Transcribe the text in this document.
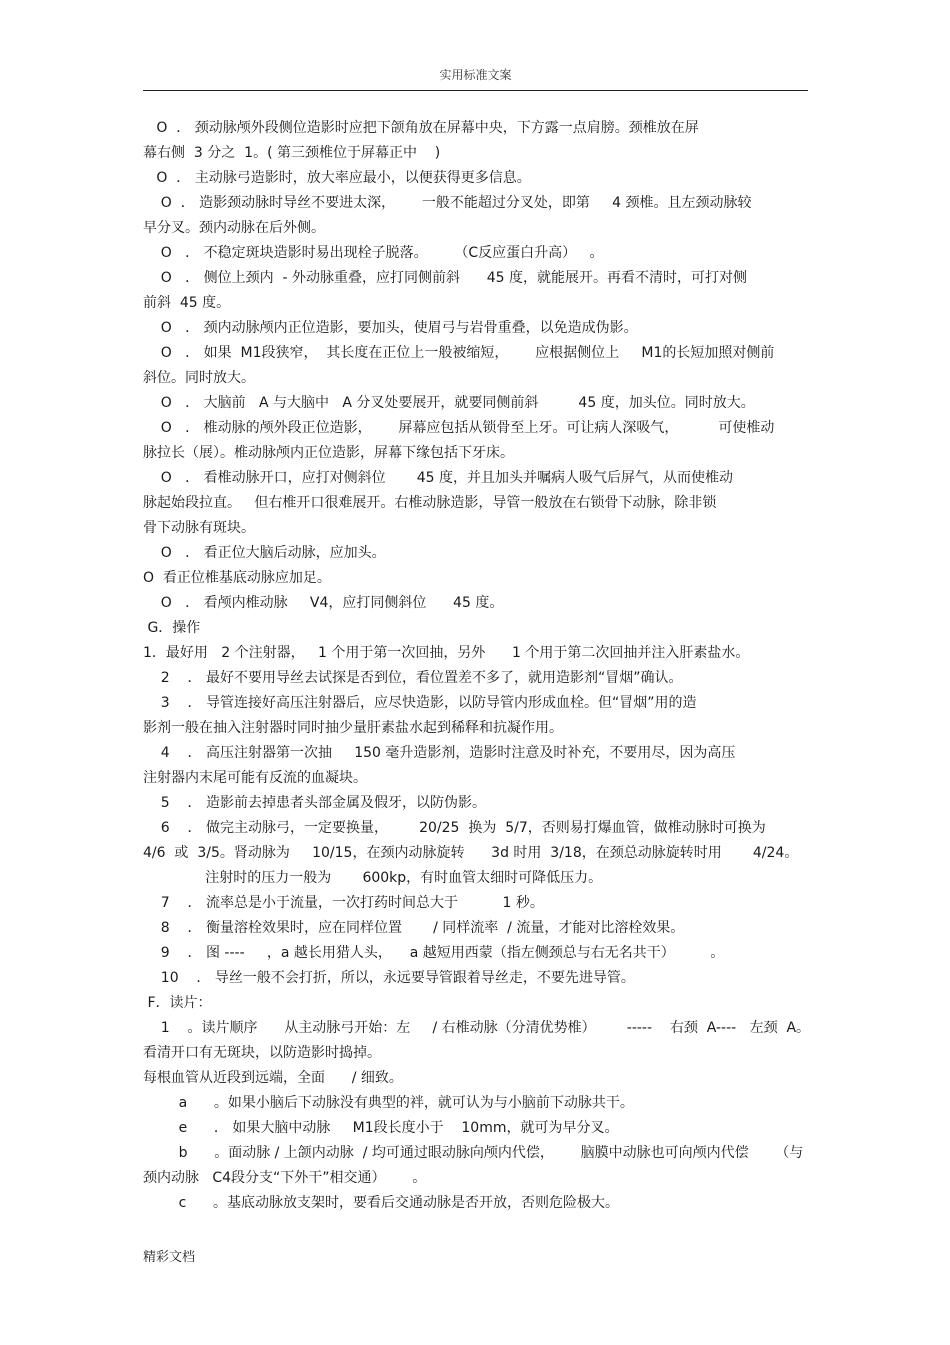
实用标准文案
O  ． 颈动脉颅外段侧位造影时应把下颌角放在屏幕中央，下方露一点肩膀。颈椎放在屏
幕右侧  3 分之  1。( 第三颈椎位于屏幕正中    )
O  ． 主动脉弓造影时，放大率应最小，以便获得更多信息。
O  ． 造影颈动脉时导丝不要进太深，      一般不能超过分叉处，即第     4 颈椎。且左颈动脉较
早分叉。颈内动脉在后外侧。
O   ． 不稳定斑块造影时易出现栓子脱落。      （C反应蛋白升高）   。
O   ． 侧位上颈内  - 外动脉重叠，应打同侧前斜      45 度，就能展开。再看不清时，可打对侧
前斜  45 度。
O   ． 颈内动脉颅内正位造影，要加头，使眉弓与岩骨重叠，以免造成伪影。
O   ． 如果  M1段狭窄，  其长度在正位上一般被缩短，      应根据侧位上     M1的长短加照对侧前
斜位。同时放大。
O   ． 大脑前   A 与大脑中   A 分叉处要展开，就要同侧前斜         45 度，加头位。同时放大。
O   ． 椎动脉的颅外段正位造影，      屏幕应包括从锁骨至上牙。可让病人深吸气，         可使椎动
脉拉长（展）。椎动脉颅内正位造影，屏幕下缘包括下牙床。
O   ． 看椎动脉开口，应打对侧斜位       45 度，并且加头并嘱病人吸气后屏气，从而使椎动
脉起始段拉直。   但右椎开口很难展开。右椎动脉造影，导管一般放在右锁骨下动脉，除非锁
骨下动脉有斑块。
O   ． 看正位大脑后动脉，应加头。
O  看正位椎基底动脉应加足。
O   ． 看颅内椎动脉     V4，应打同侧斜位      45 度。
G．操作
1．最好用   2 个注射器，   1 个用于第一次回抽，另外      1 个用于第二次回抽并注入肝素盐水。
2    ． 最好不要用导丝去试探是否到位，看位置差不多了，就用造影剂“冒烟”确认。
3    ． 导管连接好高压注射器后，应尽快造影，以防导管内形成血栓。但“冒烟”用的造
影剂一般在抽入注射器时同时抽少量肝素盐水起到稀释和抗凝作用。
4    ． 高压注射器第一次抽     150 毫升造影剂，造影时注意及时补充，不要用尽，因为高压
注射器内末尾可能有反流的血凝块。
5    ． 造影前去掉患者头部金属及假牙，以防伪影。
6    ． 做完主动脉弓，一定要换量，       20/25  换为  5/7，否则易打爆血管，做椎动脉时可换为
4/6  或  3/5。肾动脉为     10/15，在颈内动脉旋转      3d 时用  3/18，在颈总动脉旋转时用       4/24。
注射时的压力一般为       600kp，有时血管太细时可降低压力。
7    ． 流率总是小于流量，一次打药时间总大于          1 秒。
8    ． 衡量溶栓效果时，应在同样位置       / 同样流率  / 流量，才能对比溶栓效果。
9    ． 图 ----     ，a 越长用猎人头，    a 越短用西蒙（指左侧颈总与右无名共干）        。
10    ． 导丝一般不会打折，所以，永远要导管跟着导丝走，不要先进导管。
F．读片：
1    。读片顺序      从主动脉弓开始：左     / 右椎动脉（分清优势椎）       -----    右颈  A----   左颈  A。
看清开口有无斑块，以防造影时捣掉。
每根血管从近段到远端，全面      / 细致。
a      。如果小脑后下动脉没有典型的袢，就可认为与小脑前下动脉共干。
e      ． 如果大脑中动脉     M1段长度小于    10mm，就可为早分叉。
b      。面动脉 / 上颌内动脉  / 均可通过眼动脉向颅内代偿，      脑膜中动脉也可向颅内代偿      （与
颈内动脉   C4段分支“下外干”相交通）      。
c      。基底动脉放支架时，要看后交通动脉是否开放，否则危险极大。
精彩文档
